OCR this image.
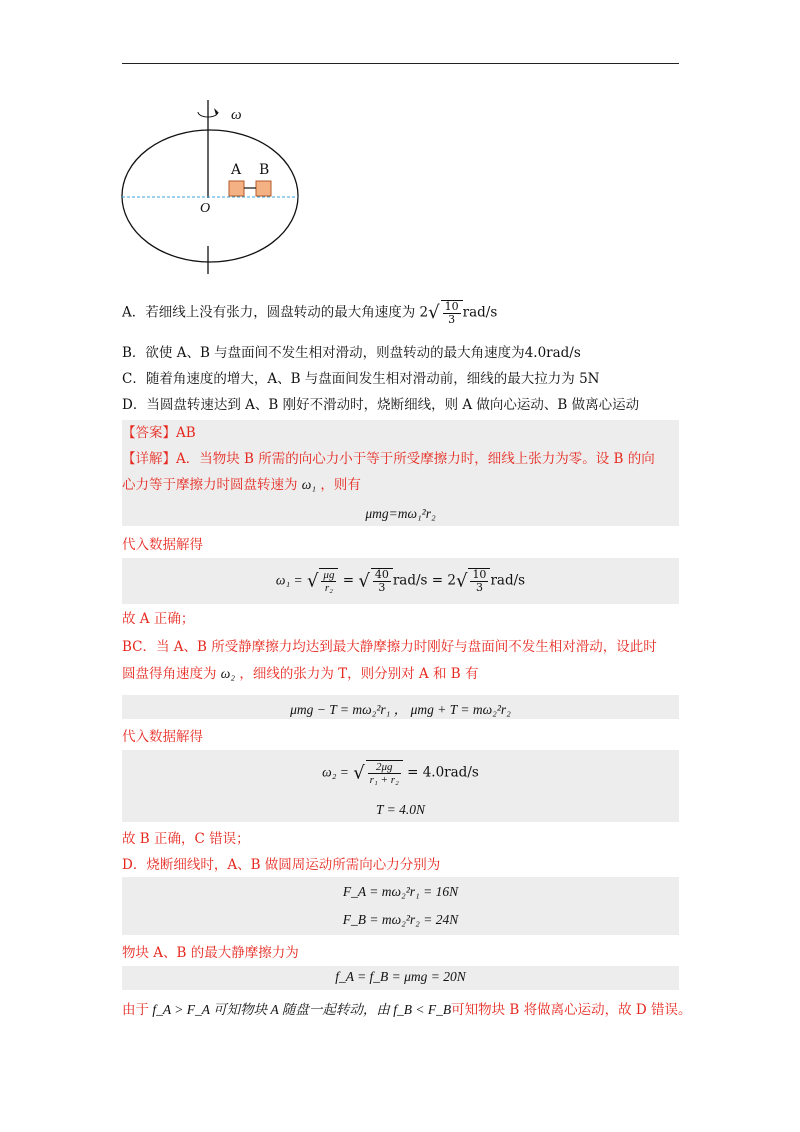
ω
A B
O
A．若细线上没有张力，圆盘转动的最大角速度为 $2√ \frac{10}{3} rad/s$
B．欲使 A、B 与盘面间不发生相对滑动，则盘转动的最大角速度为4.0rad/s
C．随着角速度的增大，A、B 与盘面间发生相对滑动前，细线的最大拉力为 5N
D．当圆盘转速达到 A、B 刚好不滑动时，烧断细线，则 A 做向心运动、B 做离心运动
【答案】AB
【详解】A．当物块 B 所需的向心力小于等于所受摩擦力时，细线上张力为零。设 B 的向
心力等于摩擦力时圆盘转速为 ω₁ ，则有
μmg=mω₁²r₂
代入数据解得
ω₁ = √ $\frac{\mu g}{\text{r₂}}$ = √ $\frac{40}{3} rad/s = 2√ \frac{10}{3} rad/s$
故 A 正确；
BC．当 A、B 所受静摩擦力均达到最大静摩擦力时刚好与盘面间不发生相对滑动，设此时
圆盘得角速度为 ω₂ ，细线的张力为 T，则分别对 A 和 B 有
μmg − T = mω₂²r₁ ， μmg + T = mω₂²r₂
代入数据解得
ω₂ = √ $\frac{2\mu g}{\text{r₁ + r₂}} = 4.0rad/s$
T = 4.0N
故 B 正确，C 错误；
D．烧断细线时，A、B 做圆周运动所需向心力分别为
F_A = mω₂²r₁ = 16N
F_B = mω₂²r₂ = 24N
物块 A、B 的最大静摩擦力为
f_A = f_B = μmg = 20N
由于 f_A > F_A 可知物块 A 随盘一起转动，由 f_B < F_B可知物块 B 将做离心运动，故 D 错误。
